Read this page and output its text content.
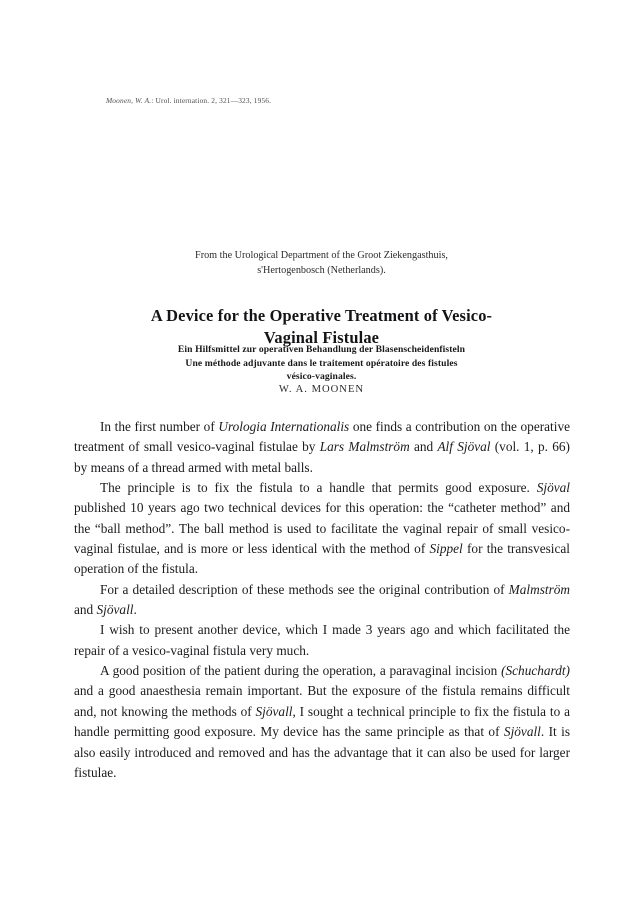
Moonen, W. A.: Urol. internation. 2, 321—323, 1956.
From the Urological Department of the Groot Ziekengasthuis,
s'Hertogenbosch (Netherlands).
A Device for the Operative Treatment of Vesico-
Vaginal Fistulae
Ein Hilfsmittel zur operativen Behandlung der Blasenscheidenfisteln
Une méthode adjuvante dans le traitement opératoire des fistules
vésico-vaginales.
W. A. MOONEN

In the first number of Urologia Internationalis one finds a contribution on the operative treatment of small vesico-vaginal fistulae by Lars Malmström and Alf Sjöval (vol. 1, p. 66) by means of a thread armed with metal balls.

The principle is to fix the fistula to a handle that permits good exposure. Sjöval published 10 years ago two technical devices for this operation: the “catheter method” and the “ball method”. The ball method is used to facilitate the vaginal repair of small vesico-vaginal fistulae, and is more or less identical with the method of Sippel for the transvesical operation of the fistula.

For a detailed description of these methods see the original contribution of Malmström and Sjövall.

I wish to present another device, which I made 3 years ago and which facilitated the repair of a vesico-vaginal fistula very much.

A good position of the patient during the operation, a paravaginal incision (Schuchardt) and a good anaesthesia remain important. But the exposure of the fistula remains difficult and, not knowing the methods of Sjövall, I sought a technical principle to fix the fistula to a handle permitting good exposure. My device has the same principle as that of Sjövall. It is also easily introduced and removed and has the advantage that it can also be used for larger fistulae.
